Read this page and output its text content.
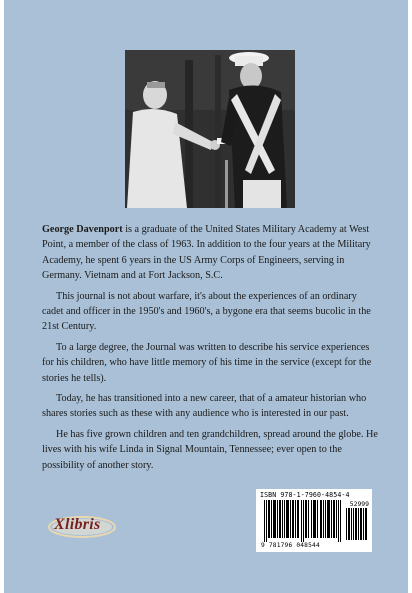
George Davenport is a graduate of the United States Military Academy at West Point, a member of the class of 1963. In addition to the four years at the Military Academy, he spent 6 years in the US Army Corps of Engineers, serving in Germany. Vietnam and at Fort Jackson, S.C.

This journal is not about warfare, it's about the experiences of an ordinary cadet and officer in the 1950's and 1960's, a bygone era that seems bucolic in the 21st Century.

To a large degree, the Journal was written to describe his service experiences for his children, who have little memory of his time in the service (except for the stories he tells).

Today, he has transitioned into a new career, that of a amateur historian who shares stories such as these with any audience who is interested in our past.

He has five grown children and ten grandchildren, spread around the globe. He lives with his wife Linda in Signal Mountain, Tennessee; ever open to the possibility of another story.

Xlibris
ISBN 978-1-7960-4854-4
52999
9 781796 048544
